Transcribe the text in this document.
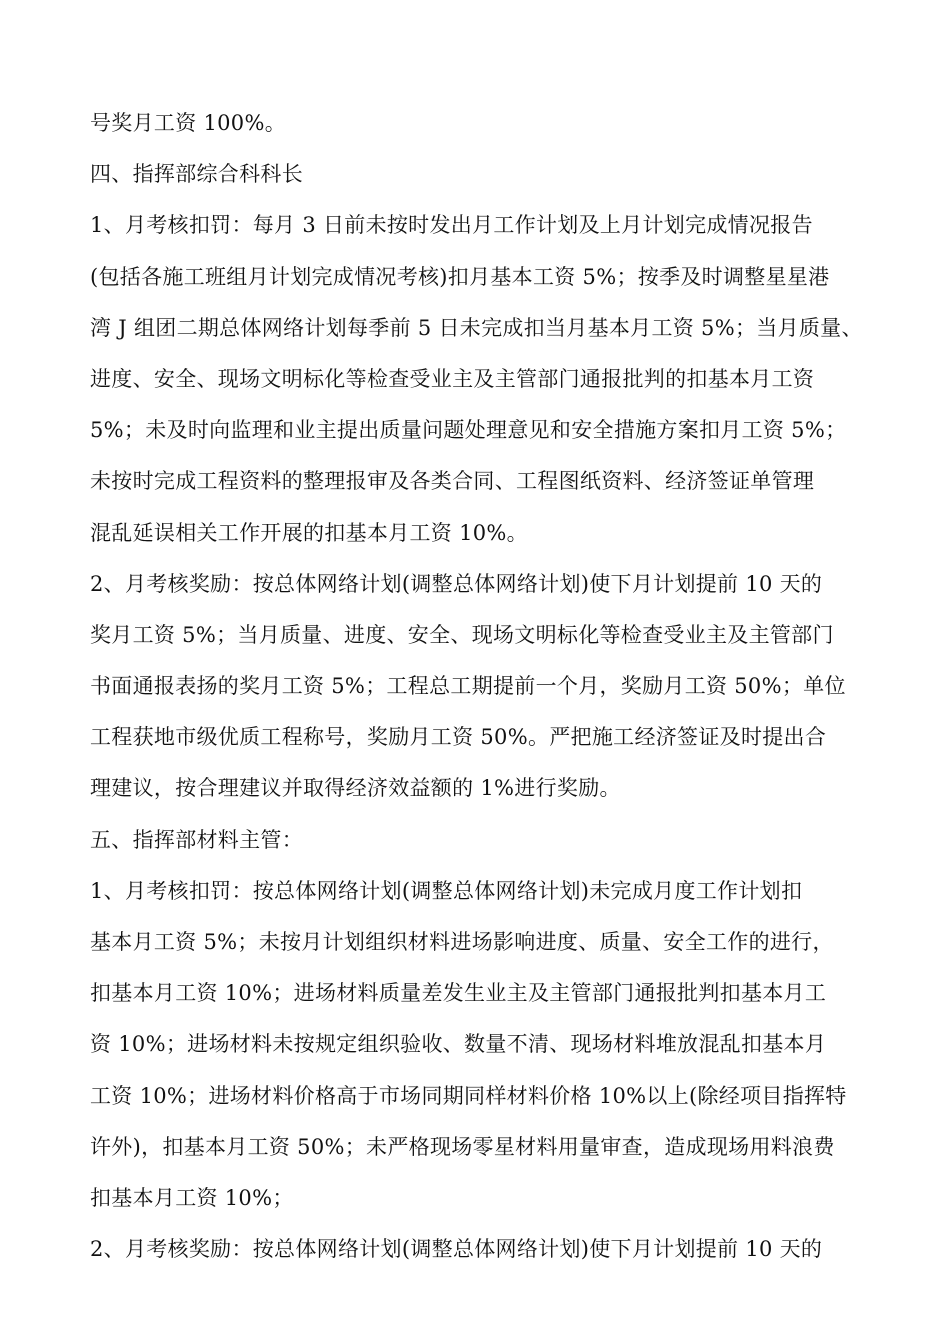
号奖月工资 100%。
四、指挥部综合科科长
1、月考核扣罚：每月 3 日前未按时发出月工作计划及上月计划完成情况报告
(包括各施工班组月计划完成情况考核)扣月基本工资 5%；按季及时调整星星港
湾 J 组团二期总体网络计划每季前 5 日未完成扣当月基本月工资 5%；当月质量、
进度、安全、现场文明标化等检查受业主及主管部门通报批判的扣基本月工资
5%；未及时向监理和业主提出质量问题处理意见和安全措施方案扣月工资 5%；
未按时完成工程资料的整理报审及各类合同、工程图纸资料、经济签证单管理
混乱延误相关工作开展的扣基本月工资 10%。
2、月考核奖励：按总体网络计划(调整总体网络计划)使下月计划提前 10 天的
奖月工资 5%；当月质量、进度、安全、现场文明标化等检查受业主及主管部门
书面通报表扬的奖月工资 5%；工程总工期提前一个月，奖励月工资 50%；单位
工程获地市级优质工程称号，奖励月工资 50%。严把施工经济签证及时提出合
理建议，按合理建议并取得经济效益额的 1%进行奖励。
五、指挥部材料主管：
1、月考核扣罚：按总体网络计划(调整总体网络计划)未完成月度工作计划扣
基本月工资 5%；未按月计划组织材料进场影响进度、质量、安全工作的进行，
扣基本月工资 10%；进场材料质量差发生业主及主管部门通报批判扣基本月工
资 10%；进场材料未按规定组织验收、数量不清、现场材料堆放混乱扣基本月
工资 10%；进场材料价格高于市场同期同样材料价格 10%以上(除经项目指挥特
许外)，扣基本月工资 50%；未严格现场零星材料用量审查，造成现场用料浪费
扣基本月工资 10%；
2、月考核奖励：按总体网络计划(调整总体网络计划)使下月计划提前 10 天的
